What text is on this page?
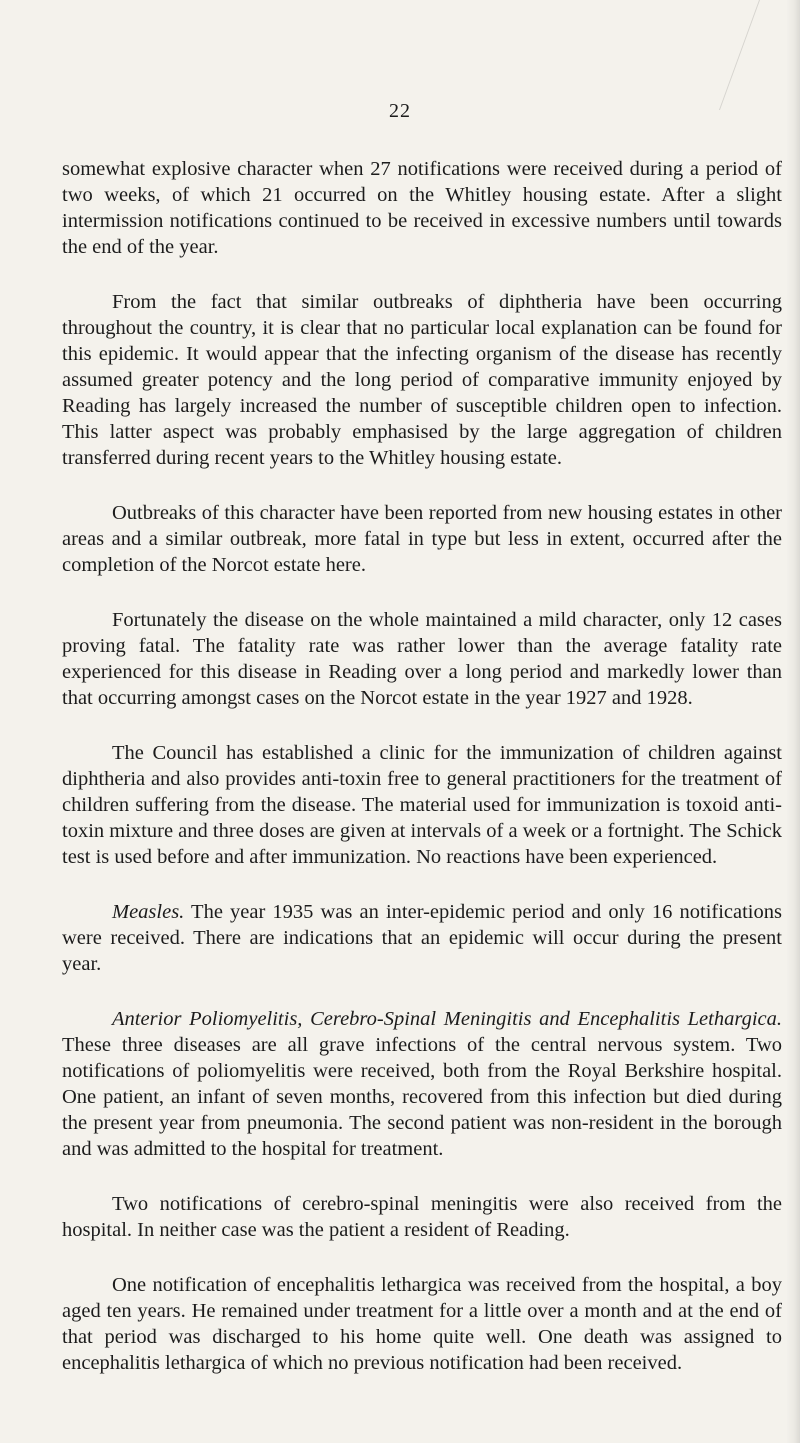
22

somewhat explosive character when 27 notifications were received during a period of two weeks, of which 21 occurred on the Whitley housing estate. After a slight intermission notifications continued to be received in excessive numbers until towards the end of the year.

From the fact that similar outbreaks of diphtheria have been occurring throughout the country, it is clear that no particular local explanation can be found for this epidemic. It would appear that the infecting organism of the disease has recently assumed greater potency and the long period of comparative immunity enjoyed by Reading has largely increased the number of susceptible children open to infection. This latter aspect was probably emphasised by the large aggregation of children transferred during recent years to the Whitley housing estate.

Outbreaks of this character have been reported from new housing estates in other areas and a similar outbreak, more fatal in type but less in extent, occurred after the completion of the Norcot estate here.

Fortunately the disease on the whole maintained a mild character, only 12 cases proving fatal. The fatality rate was rather lower than the average fatality rate experienced for this disease in Reading over a long period and markedly lower than that occurring amongst cases on the Norcot estate in the year 1927 and 1928.

The Council has established a clinic for the immunization of children against diphtheria and also provides anti-toxin free to general practitioners for the treatment of children suffering from the disease. The material used for immunization is toxoid anti-toxin mixture and three doses are given at intervals of a week or a fortnight. The Schick test is used before and after immunization. No reactions have been experienced.

Measles. The year 1935 was an inter-epidemic period and only 16 notifications were received. There are indications that an epidemic will occur during the present year.

Anterior Poliomyelitis, Cerebro-Spinal Meningitis and Encephalitis Lethargica. These three diseases are all grave infections of the central nervous system. Two notifications of poliomyelitis were received, both from the Royal Berkshire hospital. One patient, an infant of seven months, recovered from this infection but died during the present year from pneumonia. The second patient was non-resident in the borough and was admitted to the hospital for treatment.

Two notifications of cerebro-spinal meningitis were also received from the hospital. In neither case was the patient a resident of Reading.

One notification of encephalitis lethargica was received from the hospital, a boy aged ten years. He remained under treatment for a little over a month and at the end of that period was discharged to his home quite well. One death was assigned to encephalitis lethargica of which no previous notification had been received.
